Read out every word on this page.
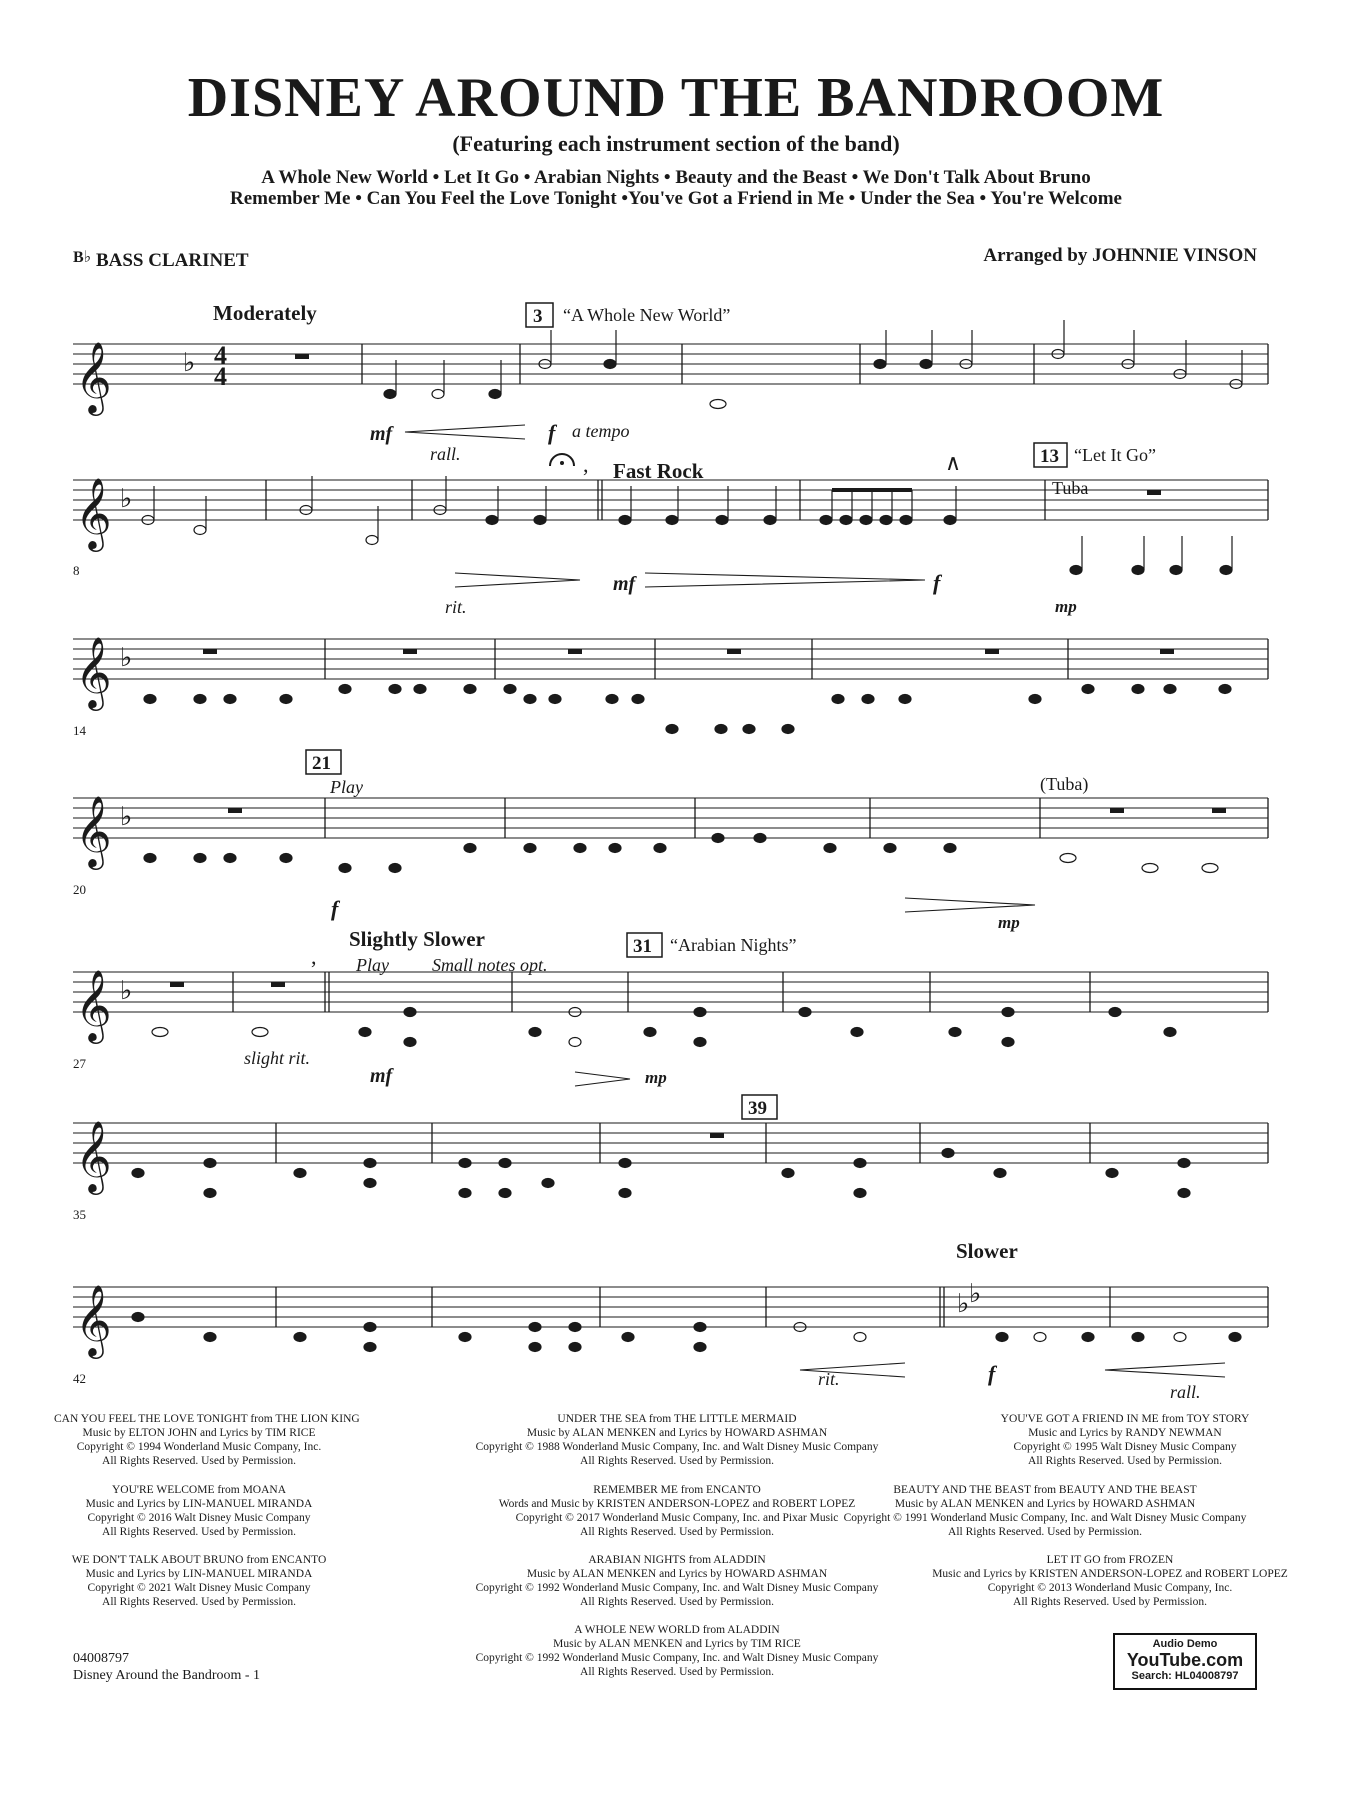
DISNEY AROUND THE BANDROOM
(Featuring each instrument section of the band)
A Whole New World • Let It Go • Arabian Nights • Beauty and the Beast • We Don't Talk About Bruno
Remember Me • Can You Feel the Love Tonight •You've Got a Friend in Me • Under the Sea • You're Welcome
$^{B♭}$ BASS CLARINET	Arranged by JOHNNIE VINSON
𝄞
𝄞
𝄞
𝄞
𝄞
𝄞
𝄞
♭
♭
♭
♭
♭
♭ ♭
4
4
,	∧
,
Moderately	3 “A Whole New World”
mf
rall.
f a tempo
Fast Rock
13 “Let It Go”
Tuba
rit.
mf	f
mp
21
Play	(Tuba)
f
mp
Slightly Slower
Play Small notes opt.
31 “Arabian Nights”
slight rit.
mf	mp
39
Slower
rit.	f
rall.
8
14
20
27
35
42
CAN YOU FEEL THE LOVE TONIGHT from THE LION KING
Music by ELTON JOHN and Lyrics by TIM RICE
Copyright © 1994 Wonderland Music Company, Inc.
All Rights Reserved. Used by Permission.
UNDER THE SEA from THE LITTLE MERMAID
Music by ALAN MENKEN and Lyrics by HOWARD ASHMAN
Copyright © 1988 Wonderland Music Company, Inc. and Walt Disney Music Company
All Rights Reserved. Used by Permission.
YOU'VE GOT A FRIEND IN ME from TOY STORY
Music and Lyrics by RANDY NEWMAN
Copyright © 1995 Walt Disney Music Company
All Rights Reserved. Used by Permission.
YOU'RE WELCOME from MOANA
Music and Lyrics by LIN-MANUEL MIRANDA
Copyright © 2016 Walt Disney Music Company
All Rights Reserved. Used by Permission.
REMEMBER ME from ENCANTO
Words and Music by KRISTEN ANDERSON-LOPEZ and ROBERT LOPEZ
Copyright © 2017 Wonderland Music Company, Inc. and Pixar Music
All Rights Reserved. Used by Permission.
BEAUTY AND THE BEAST from BEAUTY AND THE BEAST
Music by ALAN MENKEN and Lyrics by HOWARD ASHMAN
Copyright © 1991 Wonderland Music Company, Inc. and Walt Disney Music Company
All Rights Reserved. Used by Permission.
WE DON'T TALK ABOUT BRUNO from ENCANTO
Music and Lyrics by LIN-MANUEL MIRANDA
Copyright © 2021 Walt Disney Music Company
All Rights Reserved. Used by Permission.
ARABIAN NIGHTS from ALADDIN
Music by ALAN MENKEN and Lyrics by HOWARD ASHMAN
Copyright © 1992 Wonderland Music Company, Inc. and Walt Disney Music Company
All Rights Reserved. Used by Permission.
LET IT GO from FROZEN
Music and Lyrics by KRISTEN ANDERSON-LOPEZ and ROBERT LOPEZ
Copyright © 2013 Wonderland Music Company, Inc.
All Rights Reserved. Used by Permission.
A WHOLE NEW WORLD from ALADDIN
Music by ALAN MENKEN and Lyrics by TIM RICE
Copyright © 1992 Wonderland Music Company, Inc. and Walt Disney Music Company
All Rights Reserved. Used by Permission.
04008797
Disney Around the Bandroom - 1
Audio Demo
YouTube.com
Search: HL04008797
